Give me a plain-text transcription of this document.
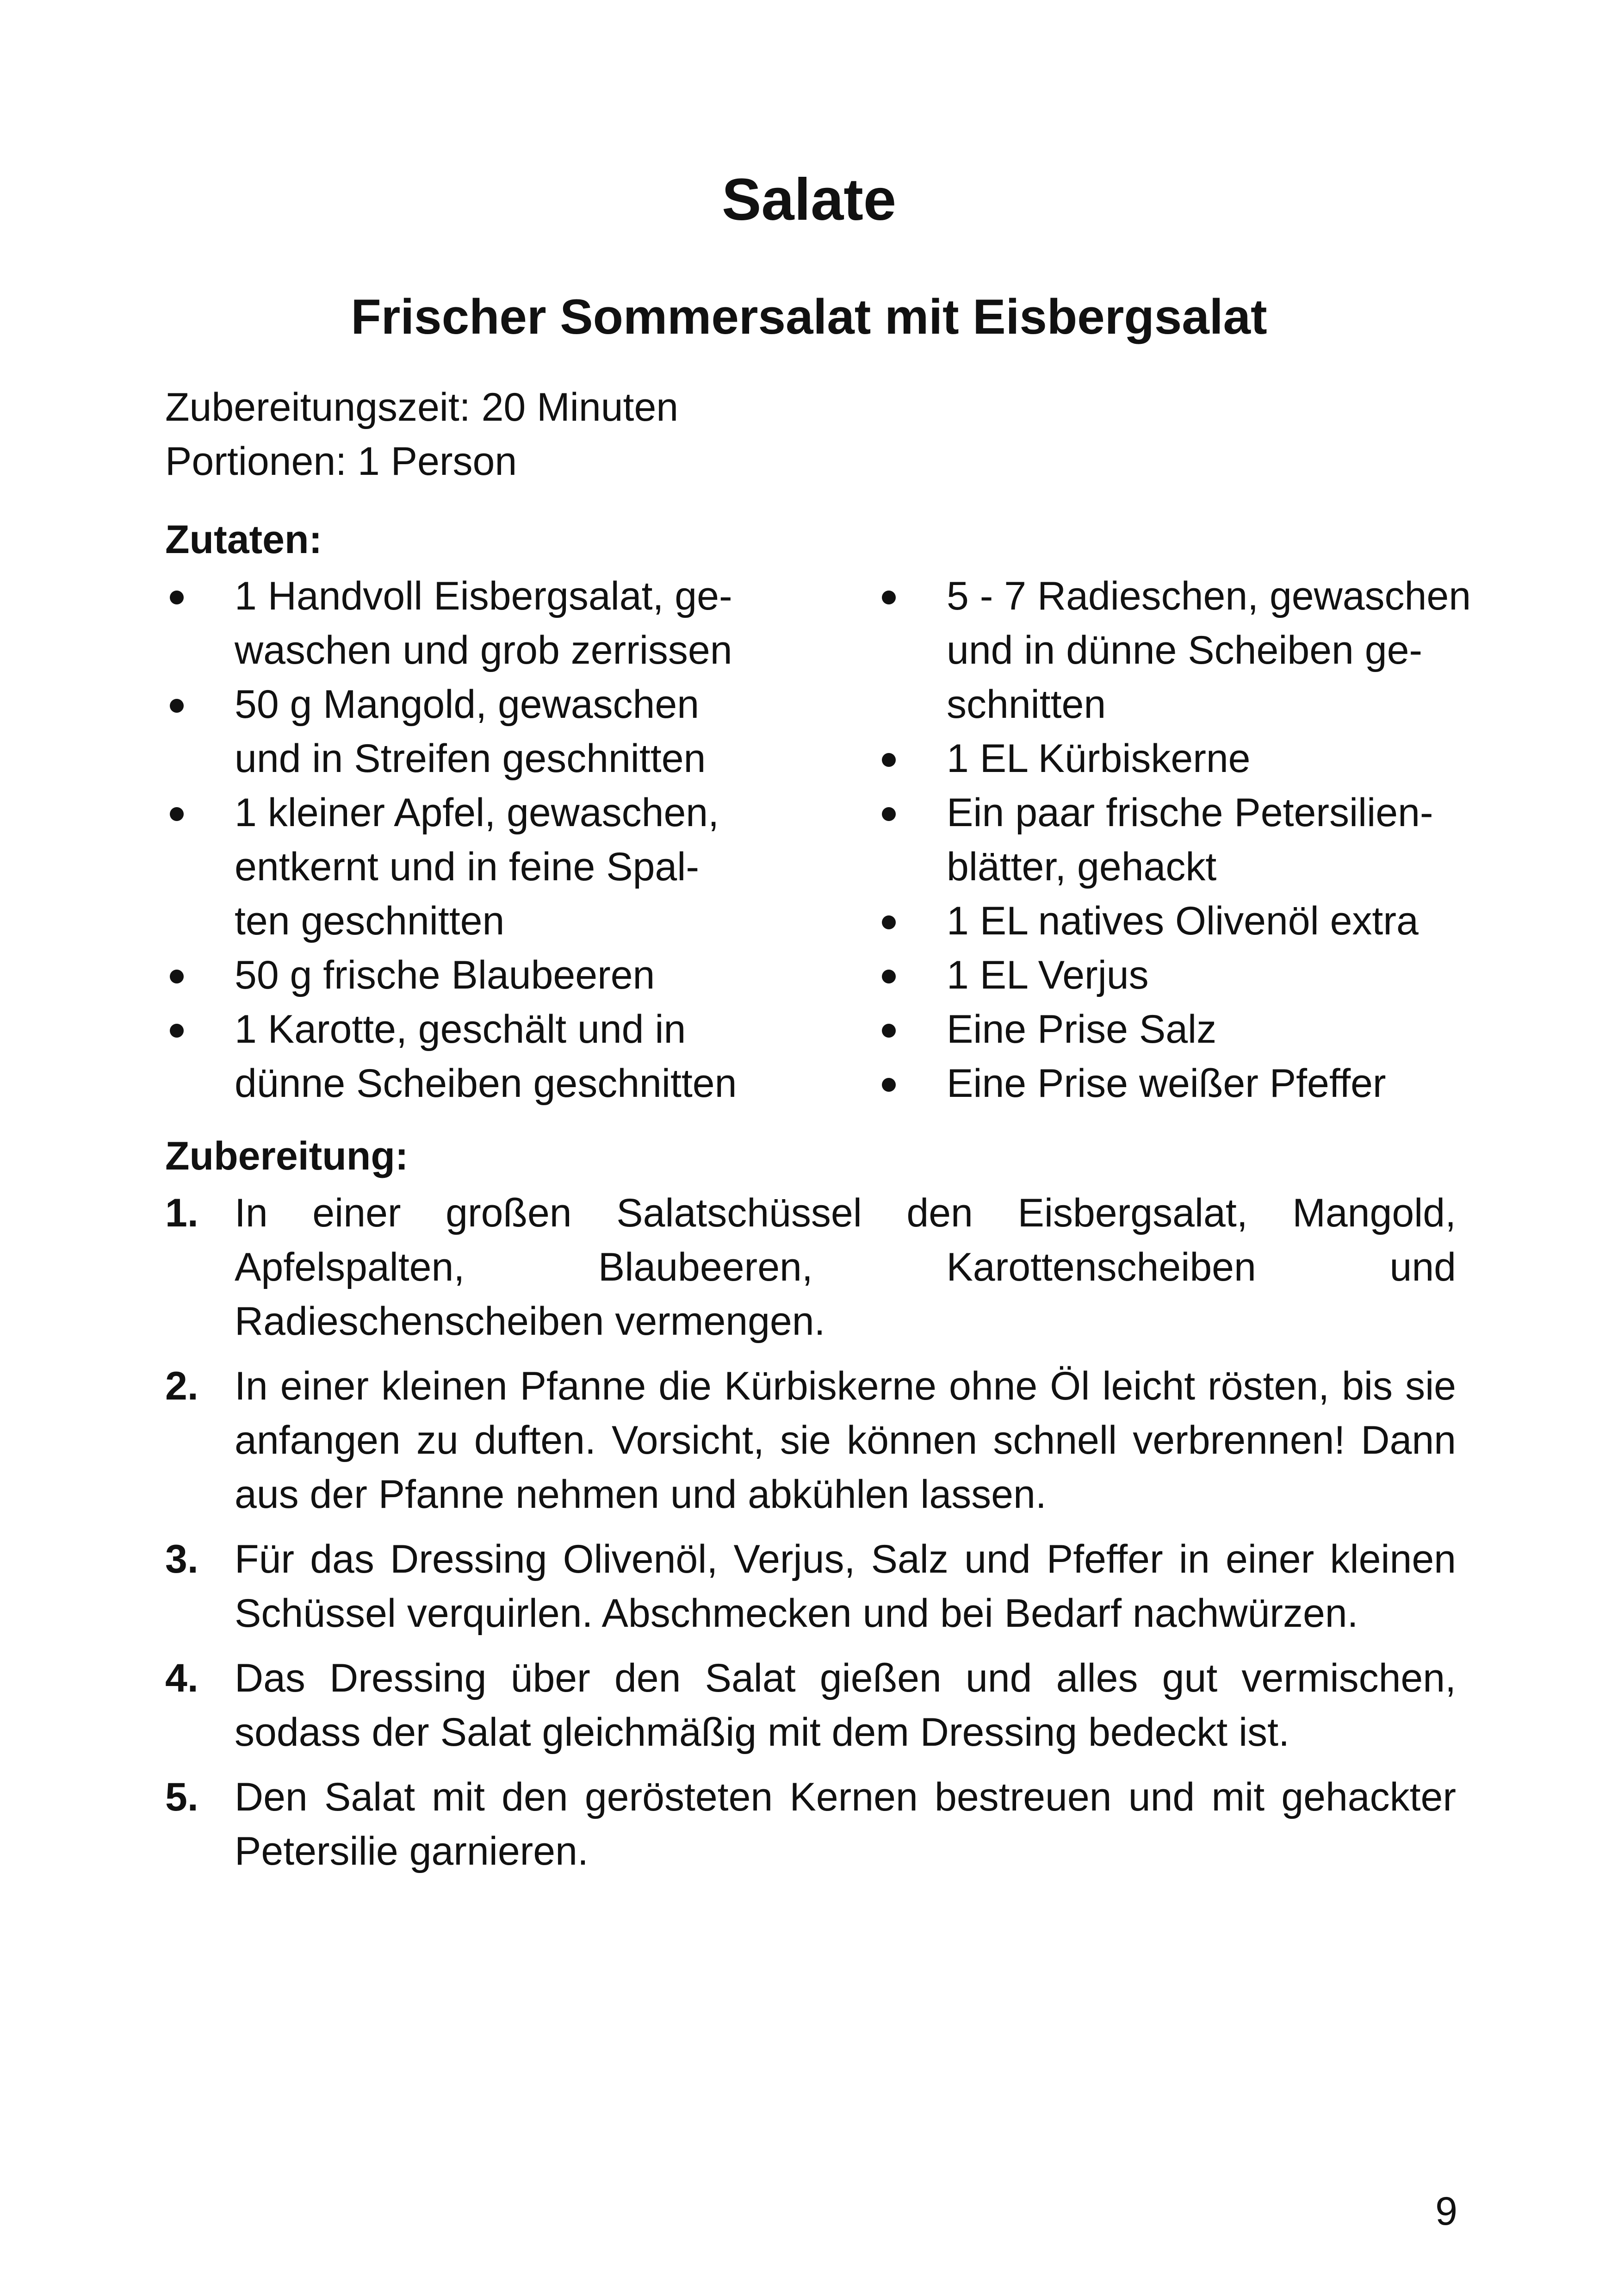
Salate
Frischer Sommersalat mit Eisbergsalat
Zubereitungszeit: 20 Minuten
Portionen: 1 Person
Zutaten:
1 Handvoll Eisbergsalat, ge-
waschen und grob zerrissen
50 g Mangold, gewaschen
und in Streifen geschnitten
1 kleiner Apfel, gewaschen,
entkernt und in feine Spal-
ten geschnitten
50 g frische Blaubeeren
1 Karotte, geschält und in
dünne Scheiben geschnitten
5 - 7 Radieschen, gewaschen
und in dünne Scheiben ge-
schnitten
1 EL Kürbiskerne
Ein paar frische Petersilien-
blätter, gehackt
1 EL natives Olivenöl extra
1 EL Verjus
Eine Prise Salz
Eine Prise weißer Pfeffer
Zubereitung:
1. In einer großen Salatschüssel den Eisbergsalat, Mangold, Apfelspalten, Blaubeeren, Karottenscheiben und Radieschenscheiben vermengen.
2. In einer kleinen Pfanne die Kürbiskerne ohne Öl leicht rösten, bis sie anfangen zu duften. Vorsicht, sie können schnell verbrennen! Dann aus der Pfanne nehmen und abkühlen lassen.
3. Für das Dressing Olivenöl, Verjus, Salz und Pfeffer in einer kleinen Schüssel verquirlen. Abschmecken und bei Bedarf nachwürzen.
4. Das Dressing über den Salat gießen und alles gut vermischen, sodass der Salat gleichmäßig mit dem Dressing bedeckt ist.
5. Den Salat mit den gerösteten Kernen bestreuen und mit gehackter Petersilie garnieren.
9
